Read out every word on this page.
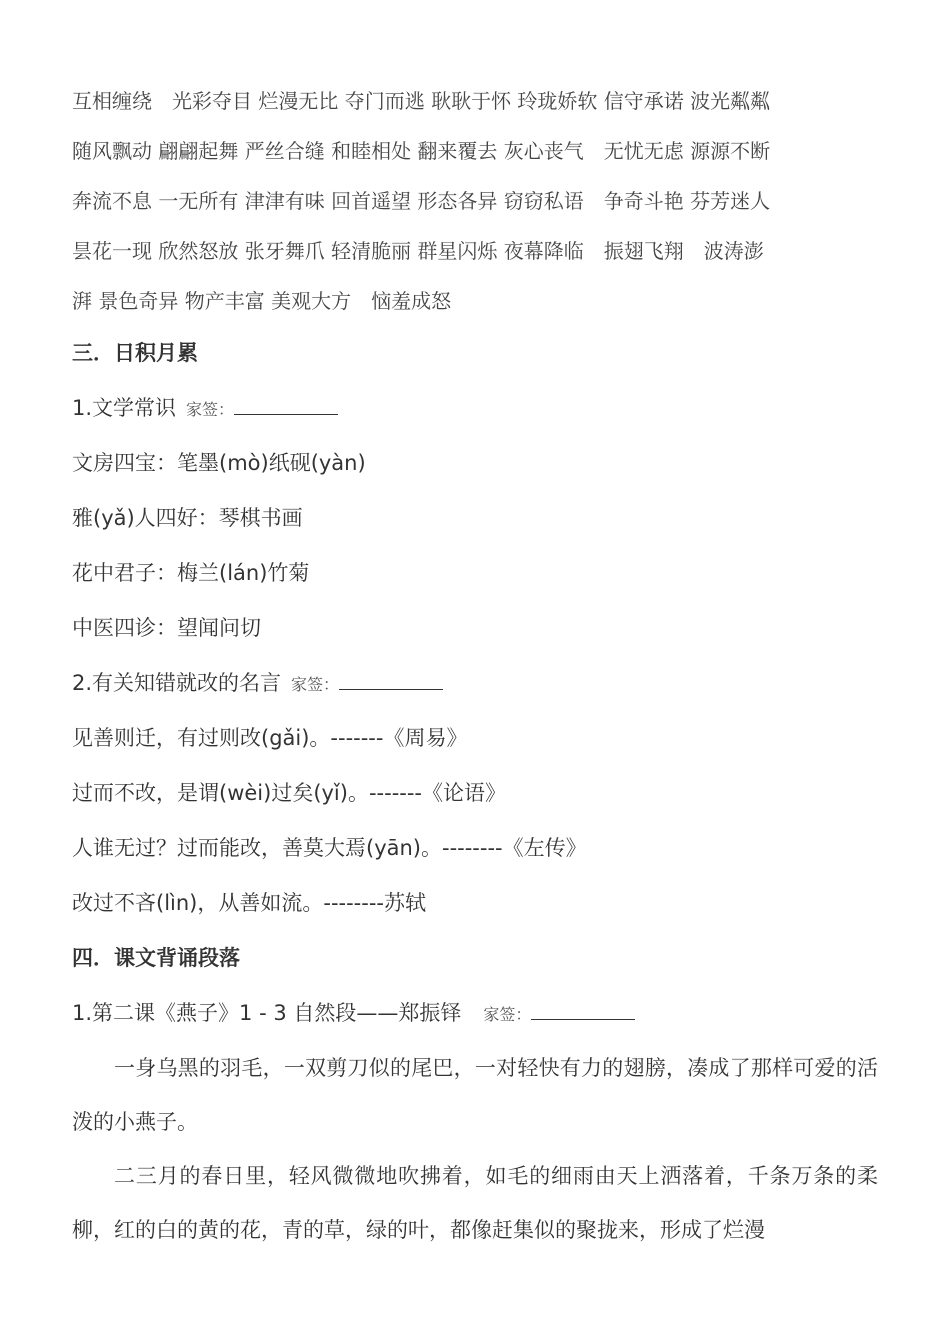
互相缠绕　光彩夺目 烂漫无比 夺门而逃 耿耿于怀 玲珑娇软 信守承诺 波光粼粼
随风飘动 翩翩起舞 严丝合缝 和睦相处 翻来覆去 灰心丧气　无忧无虑 源源不断
奔流不息 一无所有 津津有味 回首遥望 形态各异 窃窃私语　争奇斗艳 芬芳迷人
昙花一现 欣然怒放 张牙舞爪 轻清脆丽 群星闪烁 夜幕降临　振翅飞翔　波涛澎
湃 景色奇异 物产丰富 美观大方　恼羞成怒
三．日积月累
1.文学常识 家签：
文房四宝：笔墨(mò)纸砚(yàn)
雅(yǎ)人四好：琴棋书画
花中君子：梅兰(lán)竹菊
中医四诊：望闻问切
2.有关知错就改的名言 家签：
见善则迁，有过则改(gǎi)。-------《周易》
过而不改，是谓(wèi)过矣(yǐ)。-------《论语》
人谁无过？过而能改，善莫大焉(yān)。--------《左传》
改过不吝(lìn)，从善如流。--------苏轼
四．课文背诵段落
1.第二课《燕子》1 - 3 自然段——郑振铎 家签：

一身乌黑的羽毛，一双剪刀似的尾巴，一对轻快有力的翅膀，凑成了那样可爱的活泼的小燕子。

二三月的春日里，轻风微微地吹拂着，如毛的细雨由天上洒落着，千条万条的柔柳，红的白的黄的花，青的草，绿的叶，都像赶集似的聚拢来，形成了烂漫
